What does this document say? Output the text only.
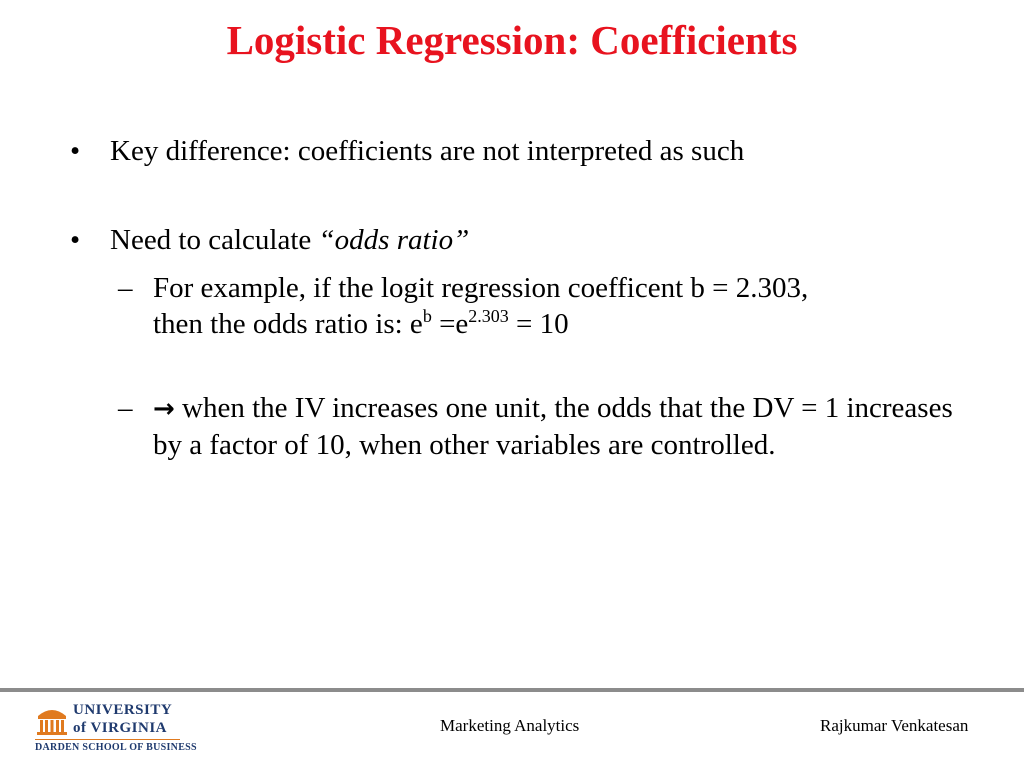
Logistic Regression: Coefficients
• Key difference: coefficients are not interpreted as such
• Need to calculate “odds ratio”
– For example, if the logit regression coefficent b = 2.303,
then the odds ratio is: $e^b =e^{2.303} = 10$
– → when the IV increases one unit, the odds that the DV = 1 increases by a factor of 10, when other variables are controlled.
UNIVERSITY
of VIRGINIA
DARDEN SCHOOL OF BUSINESS
Marketing Analytics	Rajkumar Venkatesan
